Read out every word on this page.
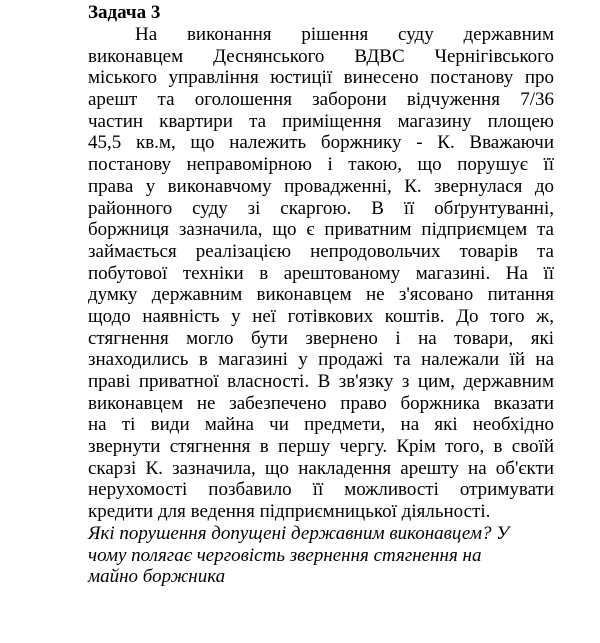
Задача 3
На виконання рішення суду державним
виконавцем Деснянського ВДВС Чернігівського
міського управління юстиції винесено постанову про
арешт та оголошення заборони відчуження 7/36
частин квартири та приміщення магазину площею
45,5 кв.м, що належить боржнику - К. Вважаючи
постанову неправомірною і такою, що порушує її
права у виконавчому провадженні, К. звернулася до
районного суду зі скаргою. В її обґрунтуванні,
боржниця зазначила, що є приватним підприємцем та
займається реалізацією непродовольчих товарів та
побутової техніки в арештованому магазині. На її
думку державним виконавцем не з'ясовано питання
щодо наявність у неї готівкових коштів. До того ж,
стягнення могло бути звернено і на товари, які
знаходились в магазині у продажі та належали їй на
праві приватної власності. В зв'язку з цим, державним
виконавцем не забезпечено право боржника вказати
на ті види майна чи предмети, на які необхідно
звернути стягнення в першу чергу. Крім того, в своїй
скарзі К. зазначила, що накладення арешту на об'єкти
нерухомості позбавило її можливості отримувати
кредити для ведення підприємницької діяльності.
Які порушення допущені державним виконавцем? У
чому полягає черговість звернення стягнення на
майно боржника
